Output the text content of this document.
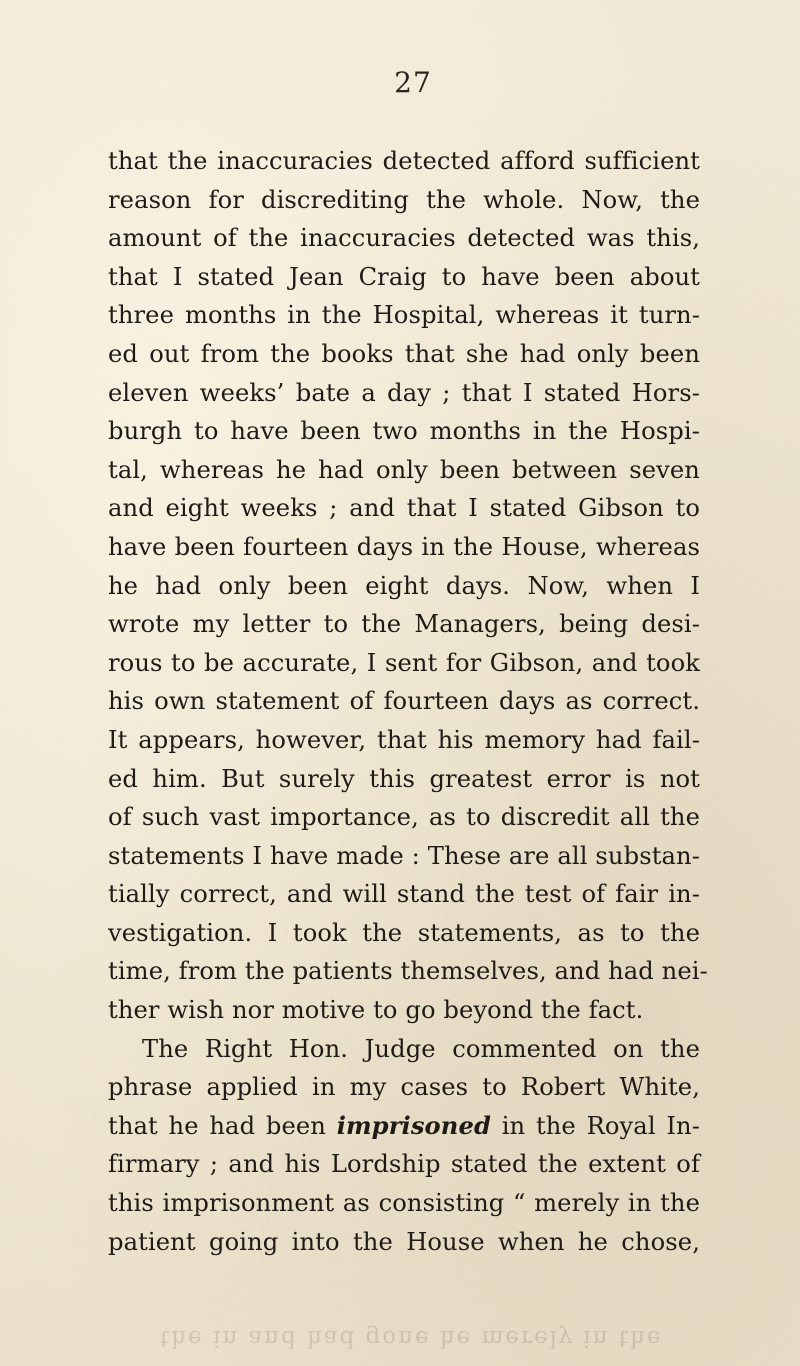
27
that the inaccuracies detected afford sufficient
reason for discrediting the whole. Now, the
amount of the inaccuracies detected was this,
that I stated Jean Craig to have been about
three months in the Hospital, whereas it turn-
ed out from the books that she had only been
eleven weeks’ bate a day ; that I stated Hors-
burgh to have been two months in the Hospi-
tal, whereas he had only been between seven
and eight weeks ; and that I stated Gibson to
have been fourteen days in the House, whereas
he had only been eight days. Now, when I
wrote my letter to the Managers, being desi-
rous to be accurate, I sent for Gibson, and took
his own statement of fourteen days as correct.
It appears, however, that his memory had fail-
ed him. But surely this greatest error is not
of such vast importance, as to discredit all the
statements I have made : These are all substan-
tially correct, and will stand the test of fair in-
vestigation. I took the statements, as to the
time, from the patients themselves, and had nei-
ther wish nor motive to go beyond the fact.
The Right Hon. Judge commented on the
phrase applied in my cases to Robert White,
that he had been imprisoned in the Royal In-
firmary ; and his Lordship stated the extent of
this imprisonment as consisting “ merely in the
patient going into the House when he chose,
the in and had gone he merely in the
